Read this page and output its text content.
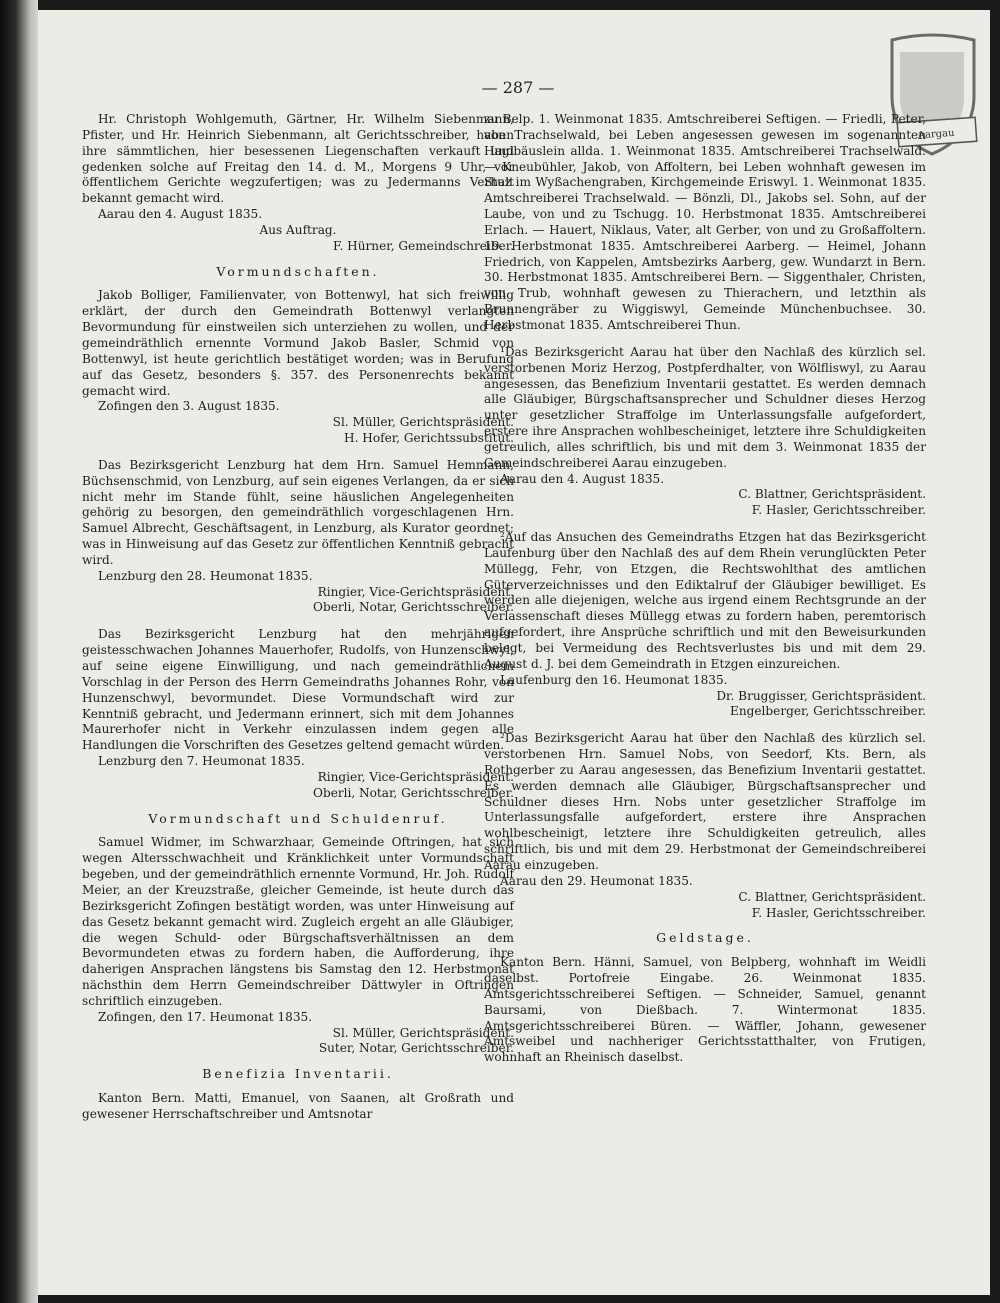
Aargau
— 287 —

Hr. Christoph Wohlgemuth, Gärtner, Hr. Wilhelm Siebenmann, Pfister, und Hr. Heinrich Siebenmann, alt Gerichtsschreiber, haben ihre sämmtlichen, hier besessenen Liegenschaften verkauft und gedenken solche auf Freitag den 14. d. M., Morgens 9 Uhr, vor öffentlichem Gerichte wegzufertigen; was zu Jedermanns Verhalt bekannt gemacht wird.

Aarau den 4. August 1835.

Aus Auftrag.

F. Hürner, Gemeindschreiber.

Vormundschaften.

Jakob Bolliger, Familienvater, von Bottenwyl, hat sich freiwillig erklärt, der durch den Gemeindrath Bottenwyl verlangten Bevormundung für einstweilen sich unterziehen zu wollen, und der gemeindräthlich ernennte Vormund Jakob Basler, Schmid von Bottenwyl, ist heute gerichtlich bestätiget worden; was in Berufung auf das Gesetz, besonders §. 357. des Personenrechts bekannt gemacht wird.

Zofingen den 3. August 1835.

Sl. Müller, Gerichtspräsident.

H. Hofer, Gerichtssubstitut.

Das Bezirksgericht Lenzburg hat dem Hrn. Samuel Hemmann, Büchsenschmid, von Lenzburg, auf sein eigenes Verlangen, da er sich nicht mehr im Stande fühlt, seine häuslichen Angelegenheiten gehörig zu besorgen, den gemeindräthlich vorgeschlagenen Hrn. Samuel Albrecht, Geschäftsagent, in Lenzburg, als Kurator geordnet; was in Hinweisung auf das Gesetz zur öffentlichen Kenntniß gebracht wird.

Lenzburg den 28. Heumonat 1835.

Ringier, Vice-Gerichtspräsident.

Oberli, Notar, Gerichtsschreiber.

Das Bezirksgericht Lenzburg hat den mehrjährigen geistesschwachen Johannes Mauerhofer, Rudolfs, von Hunzenschwyl, auf seine eigene Einwilligung, und nach gemeindräthlichem Vorschlag in der Person des Herrn Gemeindraths Johannes Rohr, von Hunzenschwyl, bevormundet. Diese Vormundschaft wird zur Kenntniß gebracht, und Jedermann erinnert, sich mit dem Johannes Maurerhofer nicht in Verkehr einzulassen indem gegen alle Handlungen die Vorschriften des Gesetzes geltend gemacht würden.

Lenzburg den 7. Heumonat 1835.

Ringier, Vice-Gerichtspräsident.

Oberli, Notar, Gerichtsschreiber.

Vormundschaft und Schuldenruf.

Samuel Widmer, im Schwarzhaar, Gemeinde Oftringen, hat sich wegen Altersschwachheit und Kränklichkeit unter Vormundschaft begeben, und der gemeindräthlich ernennte Vormund, Hr. Joh. Rudolf Meier, an der Kreuzstraße, gleicher Gemeinde, ist heute durch das Bezirksgericht Zofingen bestätigt worden, was unter Hinweisung auf das Gesetz bekannt gemacht wird. Zugleich ergeht an alle Gläubiger, die wegen Schuld- oder Bürgschaftsverhältnissen an dem Bevormundeten etwas zu fordern haben, die Aufforderung, ihre daherigen Ansprachen längstens bis Samstag den 12. Herbstmonat nächsthin dem Herrn Gemeindschreiber Dättwyler in Oftringen schriftlich einzugeben.

Zofingen, den 17. Heumonat 1835.

Sl. Müller, Gerichtspräsident.

Suter, Notar, Gerichtsschreiber.

Benefizia Inventarii.

Kanton Bern. Matti, Emanuel, von Saanen, alt Großrath und gewesener Herrschaftschreiber und Amtsnotar

zu Belp. 1. Weinmonat 1835. Amtschreiberei Seftigen. — Friedli, Peter, von Trachselwald, bei Leben angesessen gewesen im sogenannten Hagibäuslein allda. 1. Weinmonat 1835. Amtschreiberei Trachselwald. — Kneubühler, Jakob, von Affoltern, bei Leben wohnhaft gewesen im Stuz im Wyßachengraben, Kirchgemeinde Eriswyl. 1. Weinmonat 1835. Amtschreiberei Trachselwald. — Bönzli, Dl., Jakobs sel. Sohn, auf der Laube, von und zu Tschugg. 10. Herbstmonat 1835. Amtschreiberei Erlach. — Hauert, Niklaus, Vater, alt Gerber, von und zu Großaffoltern. 19. Herbstmonat 1835. Amtschreiberei Aarberg. — Heimel, Johann Friedrich, von Kappelen, Amtsbezirks Aarberg, gew. Wundarzt in Bern. 30. Herbstmonat 1835. Amtschreiberei Bern. — Siggenthaler, Christen, von Trub, wohnhaft gewesen zu Thierachern, und letzthin als Brunnengräber zu Wiggiswyl, Gemeinde Münchenbuchsee. 30. Herbstmonat 1835. Amtschreiberei Thun.

¹Das Bezirksgericht Aarau hat über den Nachlaß des kürzlich sel. verstorbenen Moriz Herzog, Postpferdhalter, von Wölfliswyl, zu Aarau angesessen, das Benefizium Inventarii gestattet. Es werden demnach alle Gläubiger, Bürgschaftsansprecher und Schuldner dieses Herzog unter gesetzlicher Straffolge im Unterlassungsfalle aufgefordert, erstere ihre Ansprachen wohlbescheiniget, letztere ihre Schuldigkeiten getreulich, alles schriftlich, bis und mit dem 3. Weinmonat 1835 der Gemeindschreiberei Aarau einzugeben.

Aarau den 4. August 1835.

C. Blattner, Gerichtspräsident.

F. Hasler, Gerichtsschreiber.

²Auf das Ansuchen des Gemeindraths Etzgen hat das Bezirksgericht Laufenburg über den Nachlaß des auf dem Rhein verunglückten Peter Müllegg, Fehr, von Etzgen, die Rechtswohlthat des amtlichen Güterverzeichnisses und den Ediktalruf der Gläubiger bewilliget. Es werden alle diejenigen, welche aus irgend einem Rechtsgrunde an der Verlassenschaft dieses Müllegg etwas zu fordern haben, peremtorisch aufgefordert, ihre Ansprüche schriftlich und mit den Beweisurkunden belegt, bei Vermeidung des Rechtsverlustes bis und mit dem 29. August d. J. bei dem Gemeindrath in Etzgen einzureichen.

Laufenburg den 16. Heumonat 1835.

Dr. Bruggisser, Gerichtspräsident.

Engelberger, Gerichtsschreiber.

²Das Bezirksgericht Aarau hat über den Nachlaß des kürzlich sel. verstorbenen Hrn. Samuel Nobs, von Seedorf, Kts. Bern, als Rothgerber zu Aarau angesessen, das Benefizium Inventarii gestattet. Es werden demnach alle Gläubiger, Bürgschaftsansprecher und Schuldner dieses Hrn. Nobs unter gesetzlicher Straffolge im Unterlassungsfalle aufgefordert, erstere ihre Ansprachen wohlbescheinigt, letztere ihre Schuldigkeiten getreulich, alles schriftlich, bis und mit dem 29. Herbstmonat der Gemeindschreiberei Aarau einzugeben.

Aarau den 29. Heumonat 1835.

C. Blattner, Gerichtspräsident.

F. Hasler, Gerichtsschreiber.

Geldstage.

Kanton Bern. Hänni, Samuel, von Belpberg, wohnhaft im Weidli daselbst. Portofreie Eingabe. 26. Weinmonat 1835. Amtsgerichtsschreiberei Seftigen. — Schneider, Samuel, genannt Baursami, von Dießbach. 7. Wintermonat 1835. Amtsgerichtsschreiberei Büren. — Wäffler, Johann, gewesener Amtsweibel und nachheriger Gerichtsstatthalter, von Frutigen, wohnhaft an Rheinisch daselbst.
